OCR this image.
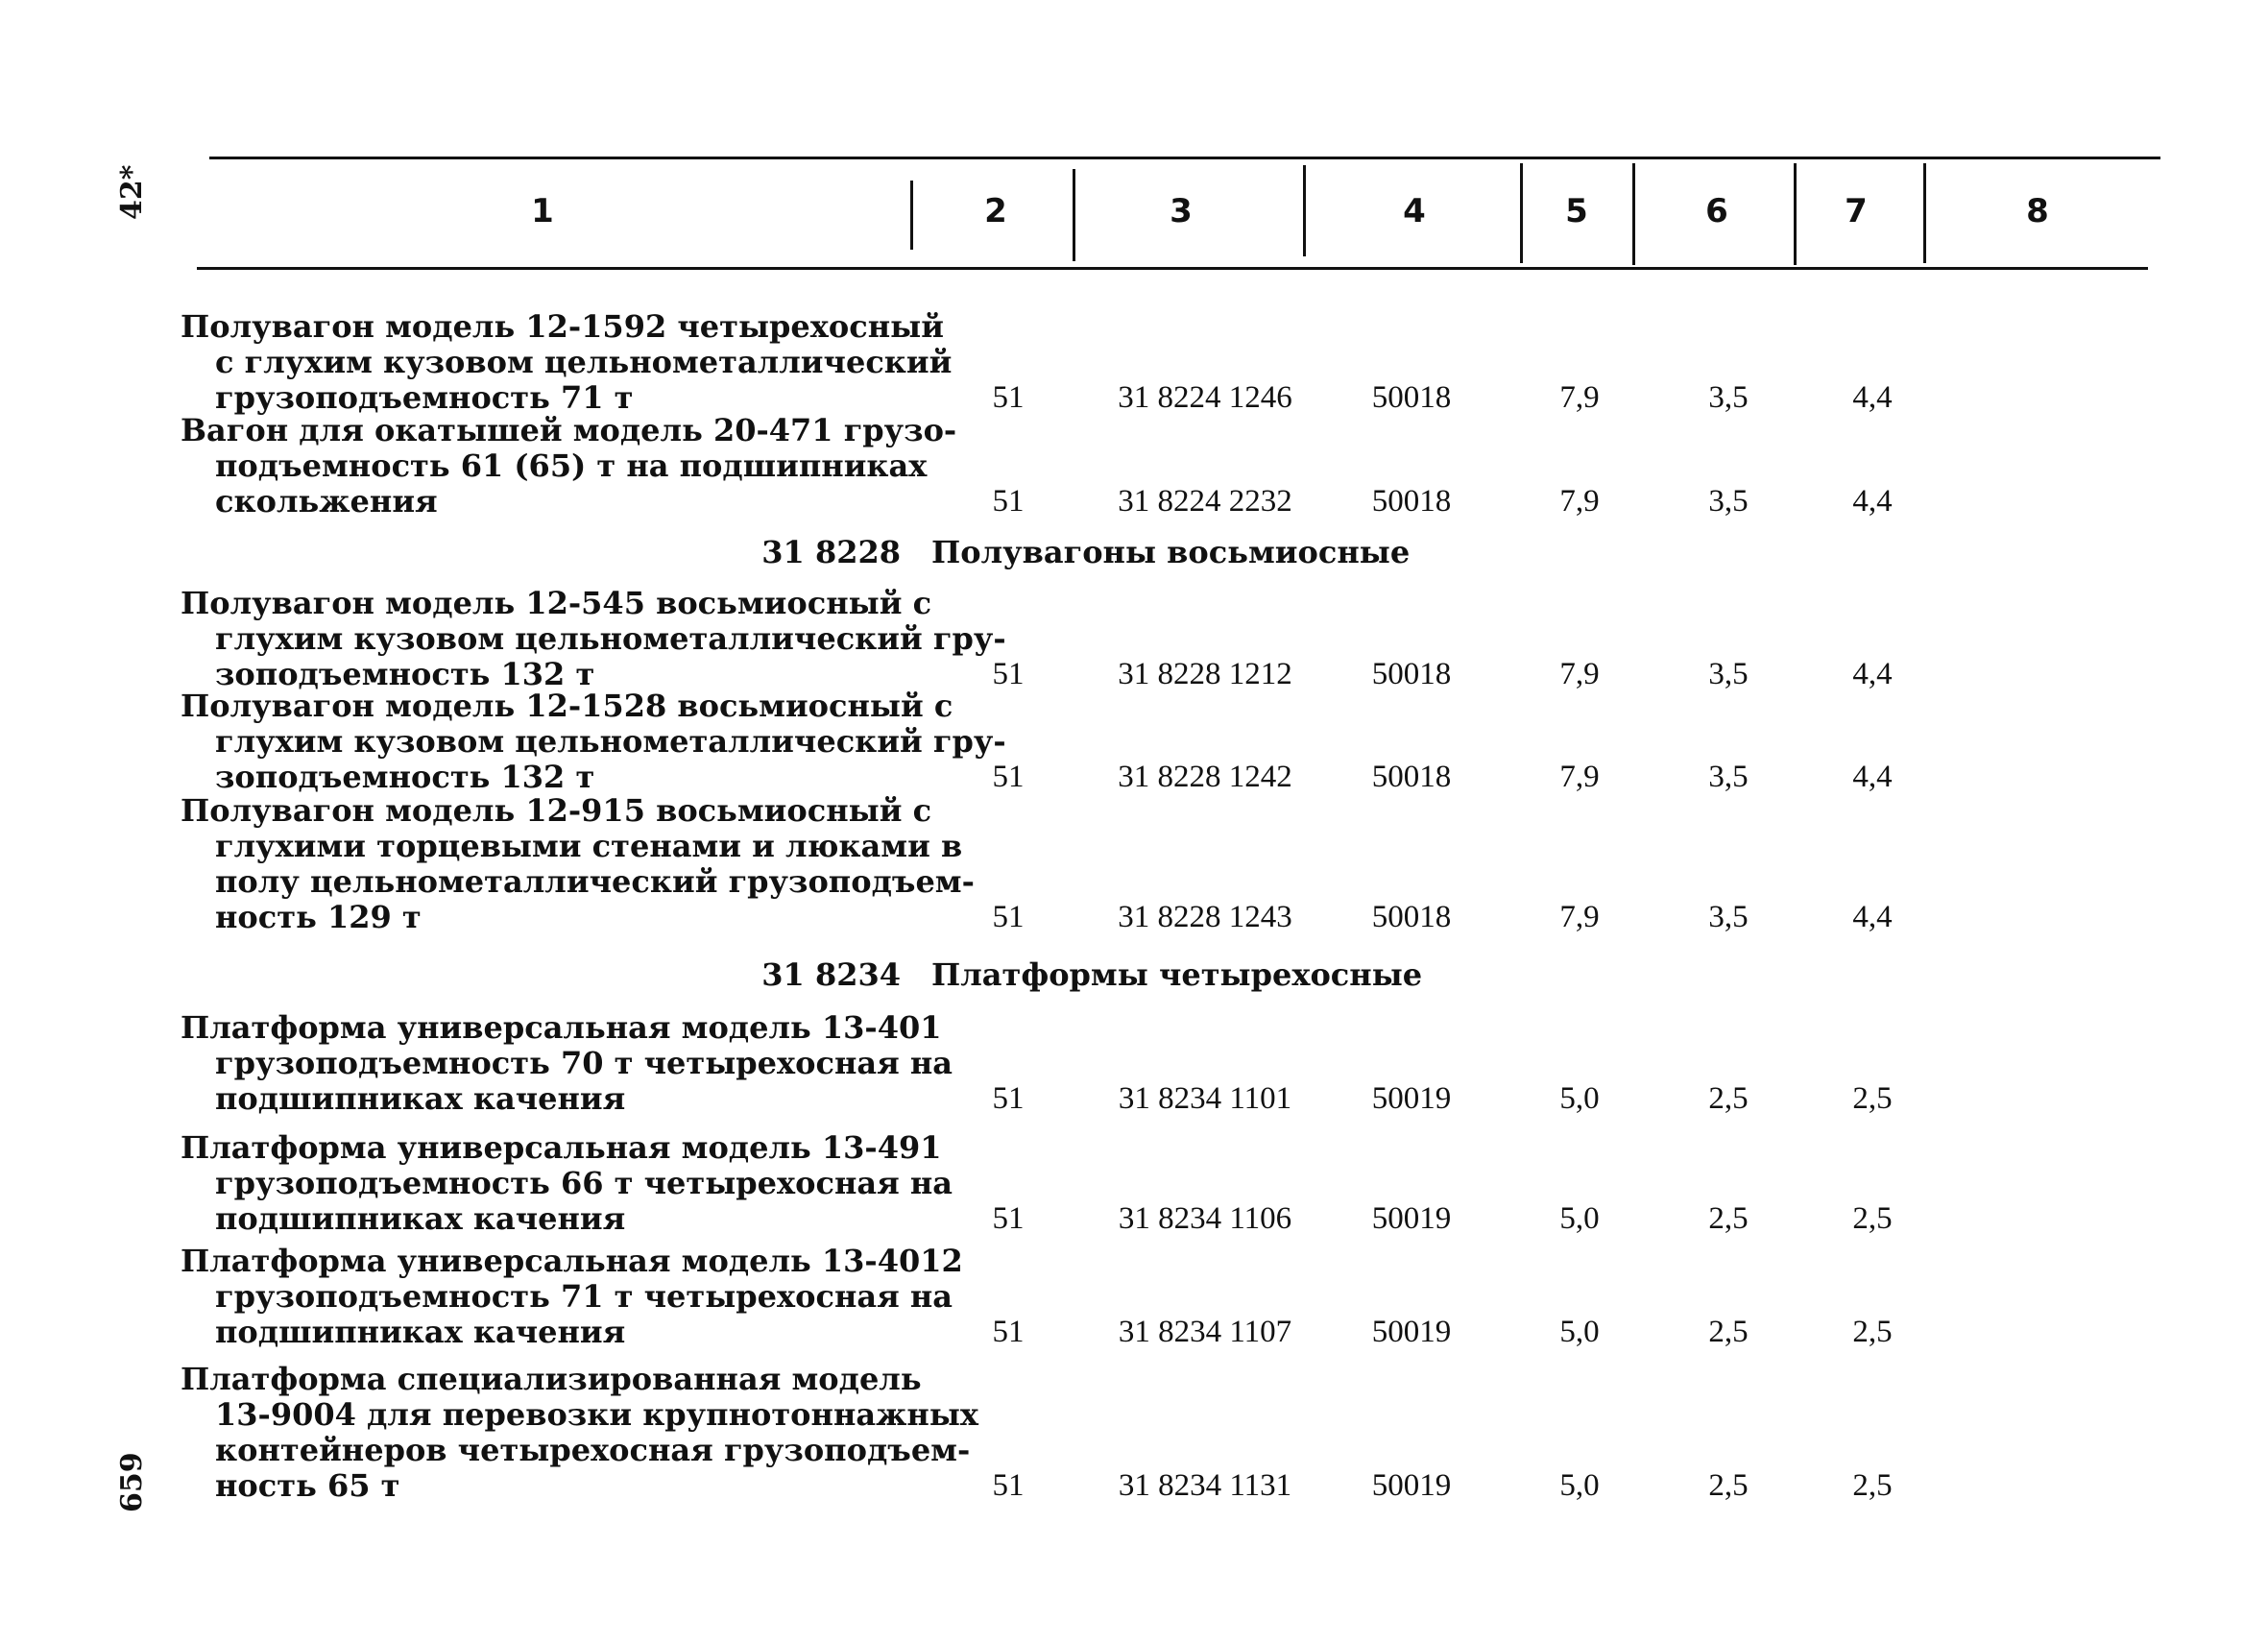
42*
659
1	2	3	4	5	6	7	8
Полувагон модель 12-1592 четырехосный
с глухим кузовом цельнометаллический
грузоподъемность 71 т	51	31 8224 1246	50018	7,9	3,5	4,4
Вагон для окатышей модель 20-471 грузо-
подъемность 61 (65) т на подшипниках
скольжения	51	31 8224 2232	50018	7,9	3,5	4,4
31 8228 Полувагоны восьмиосные
Полувагон модель 12-545 восьмиосный с
глухим кузовом цельнометаллический гру-
зоподъемность 132 т	51	31 8228 1212	50018	7,9	3,5	4,4
Полувагон модель 12-1528 восьмиосный с
глухим кузовом цельнометаллический гру-
зоподъемность 132 т	51	31 8228 1242	50018	7,9	3,5	4,4
Полувагон модель 12-915 восьмиосный с
глухими торцевыми стенами и люками в
полу цельнометаллический грузоподъем-
ность 129 т	51	31 8228 1243	50018	7,9	3,5	4,4
31 8234 Платформы четырехосные
Платформа универсальная модель 13-401
грузоподъемность 70 т четырехосная на
подшипниках качения	51	31 8234 1101	50019	5,0	2,5	2,5
Платформа универсальная модель 13-491
грузоподъемность 66 т четырехосная на
подшипниках качения	51	31 8234 1106	50019	5,0	2,5	2,5
Платформа универсальная модель 13-4012
грузоподъемность 71 т четырехосная на
подшипниках качения	51	31 8234 1107	50019	5,0	2,5	2,5
Платформа специализированная модель
13-9004 для перевозки крупнотоннажных
контейнеров четырехосная грузоподъем-
ность 65 т	51	31 8234 1131	50019	5,0	2,5	2,5
